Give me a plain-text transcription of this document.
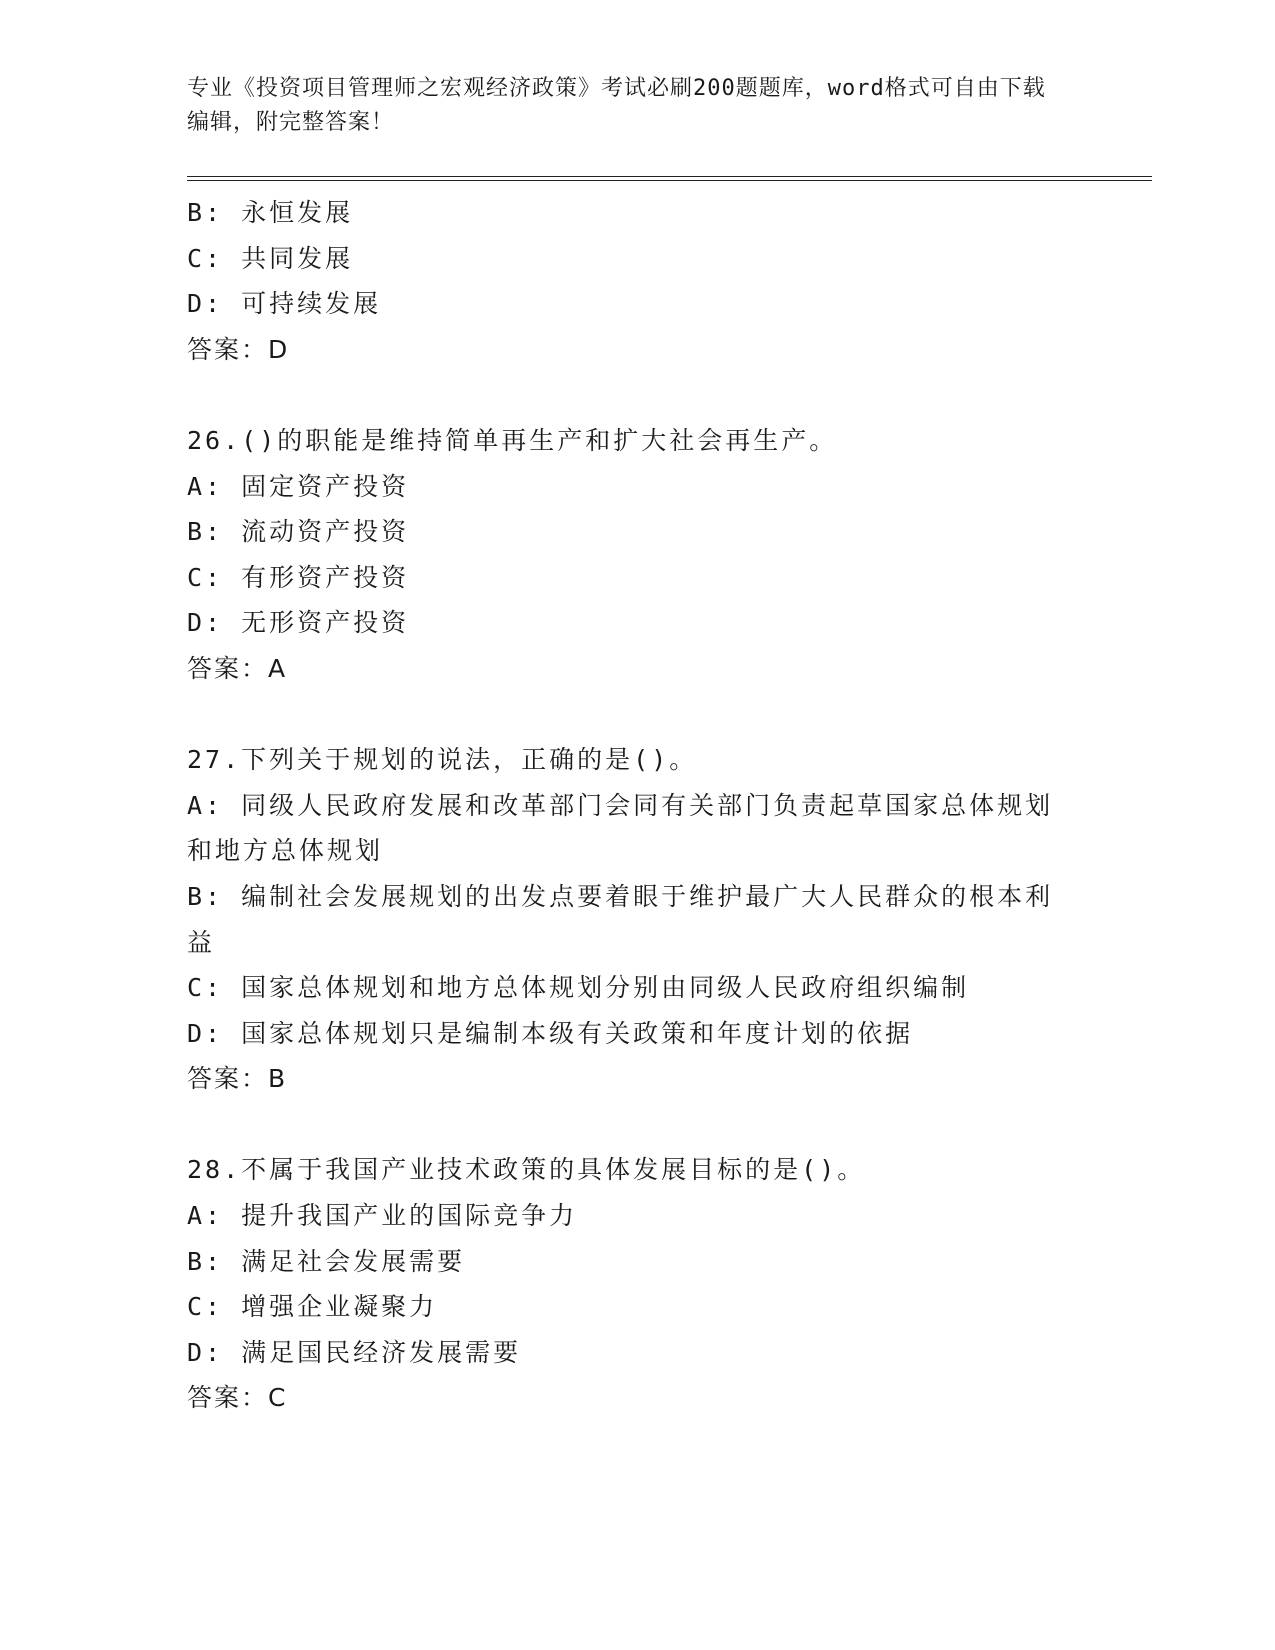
专业《投资项目管理师之宏观经济政策》考试必刷200题题库，word格式可自由下载编辑，附完整答案！
B: 永恒发展
C: 共同发展
D: 可持续发展
答案：D
26.()的职能是维持简单再生产和扩大社会再生产。
A: 固定资产投资
B: 流动资产投资
C: 有形资产投资
D: 无形资产投资
答案：A
27.下列关于规划的说法，正确的是()。
A: 同级人民政府发展和改革部门会同有关部门负责起草国家总体规划和地方总体规划
B: 编制社会发展规划的出发点要着眼于维护最广大人民群众的根本利益
C: 国家总体规划和地方总体规划分别由同级人民政府组织编制
D: 国家总体规划只是编制本级有关政策和年度计划的依据
答案：B
28.不属于我国产业技术政策的具体发展目标的是()。
A: 提升我国产业的国际竞争力
B: 满足社会发展需要
C: 增强企业凝聚力
D: 满足国民经济发展需要
答案：C
